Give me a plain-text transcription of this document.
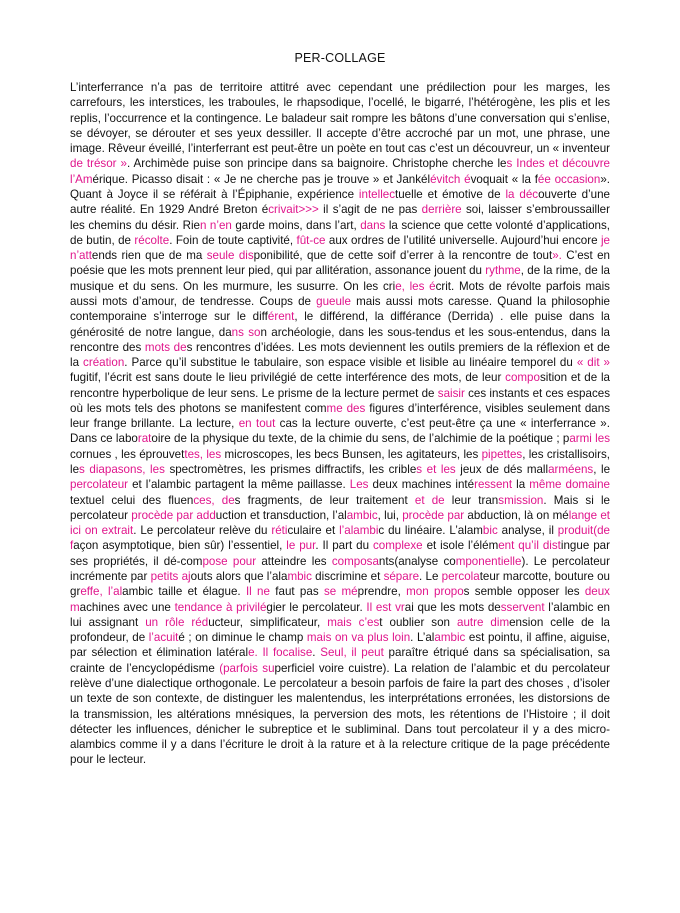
PER-COLLAGE
L’interferrance n’a pas de territoire attitré avec cependant une prédilection pour les marges, les carrefours, les interstices, les traboules, le rhapsodique, l’ocellé, le bigarré, l’hétérogène, les plis et les replis, l’occurrence et la contingence. Le baladeur sait rompre les bâtons d’une conversation qui s’enlise, se dévoyer, se dérouter et ses yeux dessiller. Il accepte d’être accroché par un mot, une phrase, une image. Rêveur éveillé, l’interferrant est peut-être un poète en tout cas c’est un découvreur, un « inventeur de trésor ». Archimède puise son principe dans sa baignoire. Christophe cherche les Indes et découvre l’Amérique. Picasso disait : « Je ne cherche pas je trouve » et Jankélévitch évoquait « la fée occasion». Quant à Joyce il se référait à l’Épiphanie, expérience intellectuelle et émotive de la découverte d’une autre réalité. En 1929 André Breton écrivait>>> il s’agit de ne pas derrière soi, laisser s’embroussailler les chemins du désir. Rien n’en garde moins, dans l’art, dans la science que cette volonté d’applications, de butin, de récolte. Foin de toute captivité, fût-ce aux ordres de l’utilité universelle. Aujourd’hui encore je n’attends rien que de ma seule disponibilité, que de cette soif d’errer à la rencontre de tout». C’est en poésie que les mots prennent leur pied, qui par allitération, assonance jouent du rythme, de la rime, de la musique et du sens. On les murmure, les susurre. On les crie, les écrit. Mots de révolte parfois mais aussi mots d’amour, de tendresse. Coups de gueule mais aussi mots caresse. Quand la philosophie contemporaine s’interroge sur le différent, le différend, la différance (Derrida) . elle puise dans la générosité de notre langue, dans son archéologie, dans les sous-tendus et les sous-entendus, dans la rencontre des mots des rencontres d’idées. Les mots deviennent les outils premiers de la réflexion et de la création. Parce qu’il substitue le tabulaire, son espace visible et lisible au linéaire temporel du « dit » fugitif, l’écrit est sans doute le lieu privilégié de cette interférence des mots, de leur composition et de la rencontre hyperbolique de leur sens. Le prisme de la lecture permet de saisir ces instants et ces espaces où les mots tels des photons se manifestent comme des figures d’interférence, visibles seulement dans leur frange brillante. La lecture, en tout cas la lecture ouverte, c’est peut-être ça une « interferrance ». Dans ce laboratoire de la physique du texte, de la chimie du sens, de l’alchimie de la poétique ; parmi les cornues , les éprouvettes, les microscopes, les becs Bunsen, les agitateurs, les pipettes, les cristallisoirs, les diapasons, les spectromètres, les prismes diffractifs, les cribles et les jeux de dés mallarméens, le percolateur et l’alambic partagent la même paillasse. Les deux machines intéressent la même domaine textuel celui des fluences, des fragments, de leur traitement et de leur transmission. Mais si le percolateur procède par adduction et transduction, l’alambic, lui, procède par abduction, là on mélange et ici on extrait. Le percolateur relève du réticulaire et l’alambic du linéaire. L’alambic analyse, il produit(de façon asymptotique, bien sûr) l’essentiel, le pur. Il part du complexe et isole l’élément qu’il distingue par ses propriétés, il dé-compose pour atteindre les composants(analyse componentielle). Le percolateur incrémente par petits ajouts alors que l’alambic discrimine et sépare. Le percolateur marcotte, bouture ou greffe, l’alambic taille et élague. Il ne faut pas se méprendre, mon propos semble opposer les deux machines avec une tendance à privilégier le percolateur. Il est vrai que les mots desservent l’alambic en lui assignant un rôle réducteur, simplificateur, mais c’est oublier son autre dimension celle de la profondeur, de l’acuité ; on diminue le champ mais on va plus loin. L’alambic est pointu, il affine, aiguise, par sélection et élimination latérale. Il focalise. Seul, il peut paraître étriqué dans sa spécialisation, sa crainte de l’encyclopédisme (parfois superficiel voire cuistre). La relation de l’alambic et du percolateur relève d’une dialectique orthogonale. Le percolateur a besoin parfois de faire la part des choses , d’isoler un texte de son contexte, de distinguer les malentendus, les interprétations erronées, les distorsions de la transmission, les altérations mnésiques, la perversion des mots, les rétentions de l’Histoire ; il doit détecter les influences, dénicher le subreptice et le subliminal. Dans tout percolateur il y a des micro-alambics comme il y a dans l’écriture le droit à la rature et à la relecture critique de la page précédente pour le lecteur.
